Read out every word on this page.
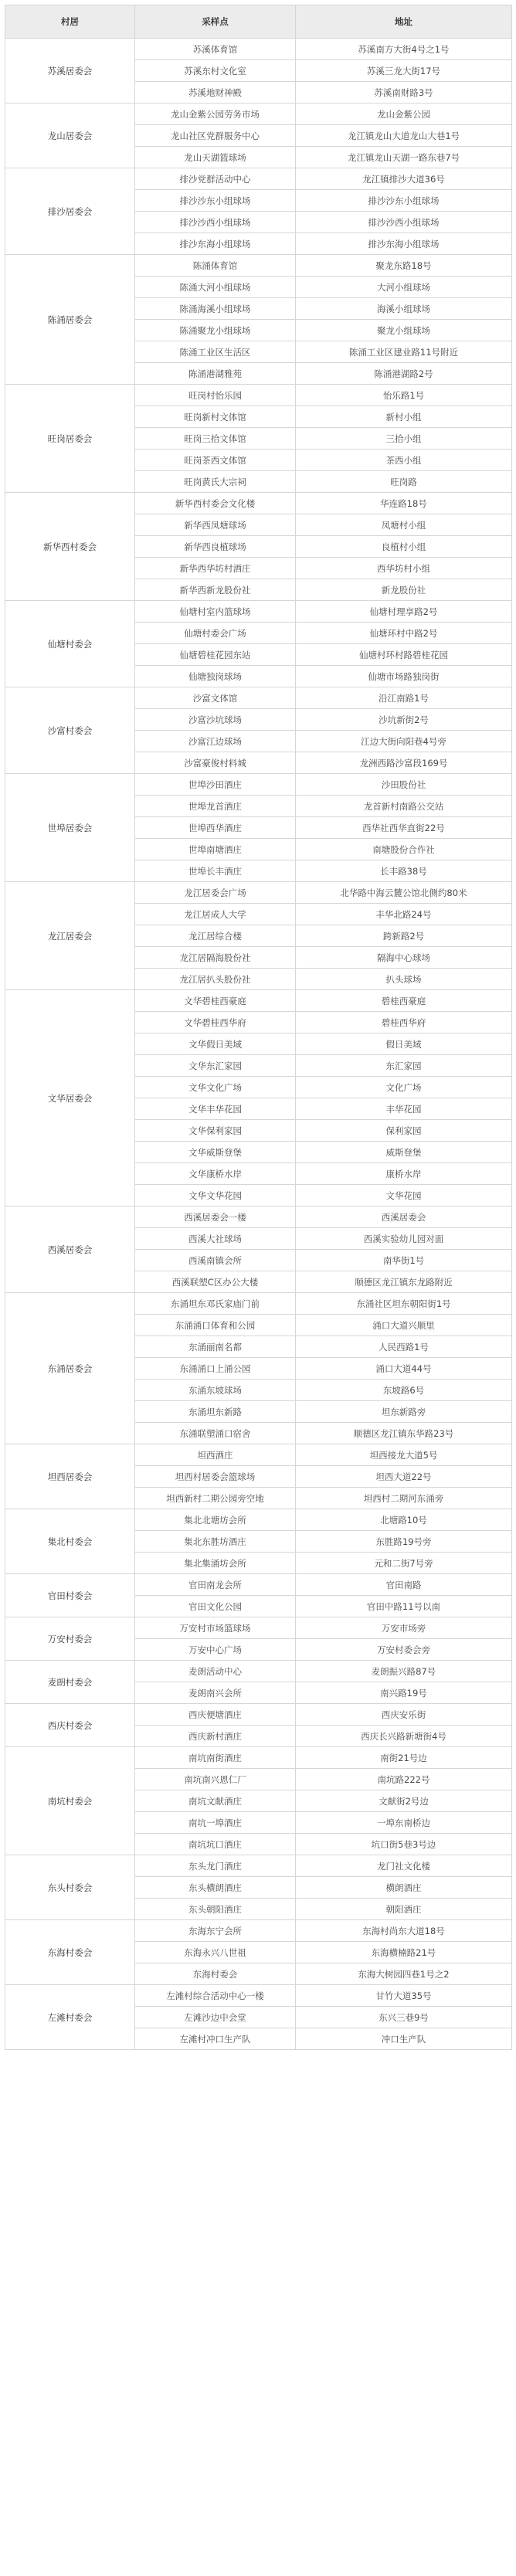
村居	采样点	地址
苏溪居委会	苏溪体育馆	苏溪南方大街4号之1号
	苏溪东村文化室	苏溪三龙大街17号
	苏溪地财神殿	苏溪南财路3号
龙山居委会	龙山金紫公园劳务市场	龙山金紫公园
	龙山社区党群服务中心	龙江镇龙山大道龙山大巷1号
	龙山天湖篮球场	龙江镇龙山天湖一路东巷7号
排沙居委会	排沙党群活动中心	龙江镇排沙大道36号
	排沙沙东小组球场	排沙沙东小组球场
	排沙沙西小组球场	排沙沙西小组球场
	排沙东海小组球场	排沙东海小组球场
陈涌居委会	陈涌体育馆	聚龙东路18号
	陈涌大河小组球场	大河小组球场
	陈涌海溪小组球场	海溪小组球场
	陈涌聚龙小组球场	聚龙小组球场
	陈涌工业区生活区	陈涌工业区建业路11号附近
	陈涌港湖雅苑	陈涌港湖路2号
旺岗居委会	旺岗村怡乐园	怡乐路1号
	旺岗新村文体馆	新村小组
	旺岗三拾文体馆	三拾小组
	旺岗茶西文体馆	茶西小组
	旺岗黄氏大宗祠	旺岗路
新华西村委会	新华西村委会文化楼	华连路18号
	新华西凤塘球场	凤塘村小组
	新华西良植球场	良植村小组
	新华西华坊村酒庄	西华坊村小组
	新华西新龙股份社	新龙股份社
仙塘村委会	仙塘村室内篮球场	仙塘村理享路2号
	仙塘村委会广场	仙塘环村中路2号
	仙塘碧桂花园东站	仙塘村环村路碧桂花园
	仙塘独岗球场	仙塘市场路独岗街
沙富村委会	沙富文体馆	沿江南路1号
	沙富沙坑球场	沙坑新街2号
	沙富江边球场	江边大街向阳巷4号旁
	沙富豪俊村料城	龙洲西路沙富段169号
世埠居委会	世埠沙田酒庄	沙田股份社
	世埠龙首酒庄	龙首新村南路公交站
	世埠西华酒庄	西华社西华直街22号
	世埠南塘酒庄	南塘股份合作社
	世埠长丰酒庄	长丰路38号
龙江居委会	龙江居委会广场	北华路中海云麓公馆北侧约80米
	龙江居成人大学	丰华北路24号
	龙江居综合楼	跨新路2号
	龙江居隔海股份社	隔海中心球场
	龙江居扒头股份社	扒头球场
文华居委会	文华碧桂西豪庭	碧桂西豪庭
	文华碧桂西华府	碧桂西华府
	文华假日美域	假日美域
	文华东汇家园	东汇家园
	文华文化广场	文化广场
	文华丰华花园	丰华花园
	文华保利家园	保利家园
	文华威斯登堡	威斯登堡
	文华康桥水岸	康桥水岸
	文华文华花园	文华花园
西溪居委会	西溪居委会一楼	西溪居委会
	西溪大社球场	西溪实验幼儿园对面
	西溪南镇会所	南华街1号
	西溪联塑C区办公大楼	顺德区龙江镇东龙路附近
东涌居委会	东涌坦东邓氏家庙门前	东涌社区坦东朝阳街1号
	东涌涌口体育和公园	涌口大道兴顺里
	东涌丽南名都	人民西路1号
	东涌涌口上涌公园	涌口大道44号
	东涌东坡球场	东坡路6号
	东涌坦东新路	坦东新路旁
	东涌联塑涌口宿舍	顺德区龙江镇东华路23号
坦西居委会	坦西酒庄	坦西接龙大道5号
	坦西村居委会篮球场	坦西大道22号
	坦西新村二期公园旁空地	坦西村二期河东涌旁
集北村委会	集北北塘坊会所	北塘路10号
	集北东胜坊酒庄	东胜路19号旁
	集北集涌坊会所	元和二街7号旁
官田村委会	官田南龙会所	官田南路
	官田文化公园	官田中路11号以南
万安村委会	万安村市场篮球场	万安市场旁
	万安中心广场	万安村委会旁
麦朗村委会	麦朗活动中心	麦朗振兴路87号
	麦朗南兴会所	南兴路19号
西庆村委会	西庆便塘酒庄	西庆安乐街
	西庆新村酒庄	西庆长兴路新塘街4号
南坑村委会	南坑南街酒庄	南街21号边
	南坑南兴恩仁厂	南坑路222号
	南坑文献酒庄	文献街2号边
	南坑一埠酒庄	一埠东南桥边
	南坑坑口酒庄	坑口街5巷3号边
东头村委会	东头龙门酒庄	龙门社文化楼
	东头横朗酒庄	横朗酒庄
	东头朝阳酒庄	朝阳酒庄
东海村委会	东海东宁会所	东海村尚东大道18号
	东海永兴八世祖	东海横楠路21号
	东海村委会	东海大树园四巷1号之2
左滩村委会	左滩村综合活动中心一楼	甘竹大道35号
	左滩沙边中会堂	东兴三巷9号
	左滩村冲口生产队	冲口生产队
